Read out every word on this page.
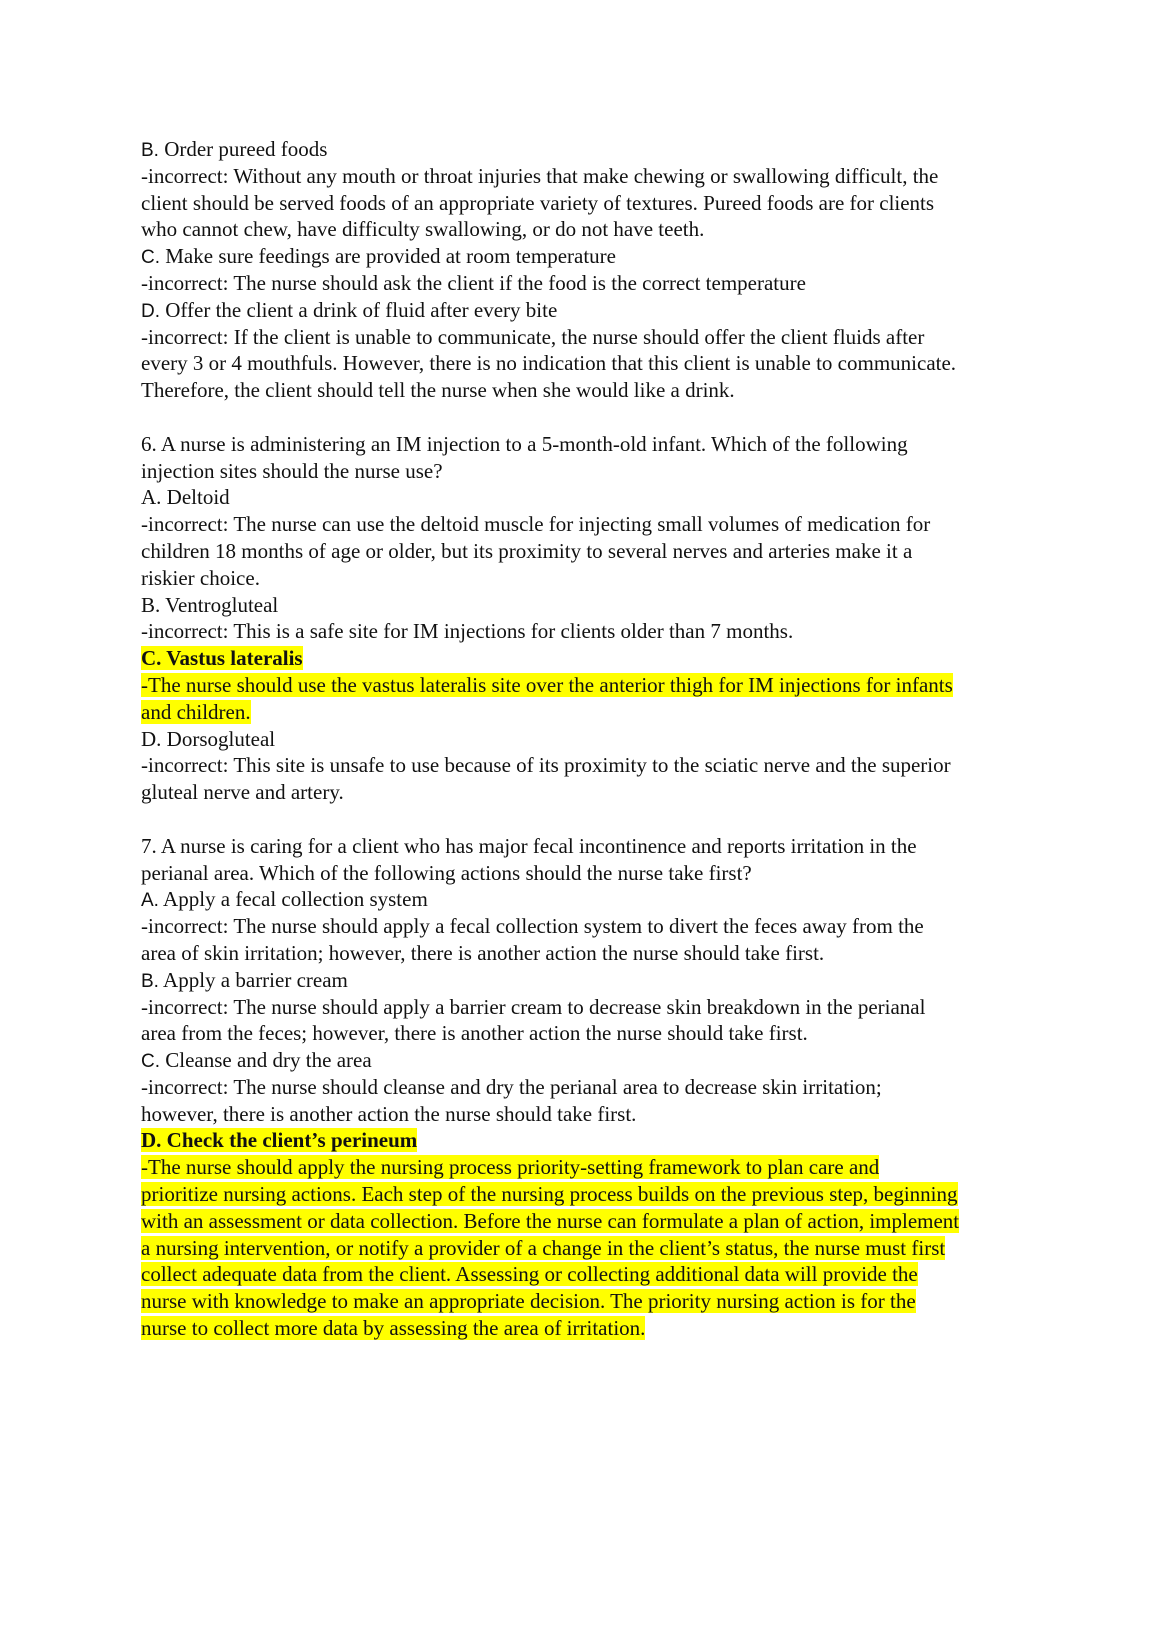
B. Order pureed foods
-incorrect: Without any mouth or throat injuries that make chewing or swallowing difficult, the
client should be served foods of an appropriate variety of textures. Pureed foods are for clients
who cannot chew, have difficulty swallowing, or do not have teeth.
C. Make sure feedings are provided at room temperature
-incorrect: The nurse should ask the client if the food is the correct temperature
D. Offer the client a drink of fluid after every bite
-incorrect: If the client is unable to communicate, the nurse should offer the client fluids after
every 3 or 4 mouthfuls. However, there is no indication that this client is unable to communicate.
Therefore, the client should tell the nurse when she would like a drink.
6. A nurse is administering an IM injection to a 5-month-old infant. Which of the following
injection sites should the nurse use?
A. Deltoid
-incorrect: The nurse can use the deltoid muscle for injecting small volumes of medication for
children 18 months of age or older, but its proximity to several nerves and arteries make it a
riskier choice.
B. Ventrogluteal
-incorrect: This is a safe site for IM injections for clients older than 7 months.
C. Vastus lateralis
-The nurse should use the vastus lateralis site over the anterior thigh for IM injections for infants
and children.
D. Dorsogluteal
-incorrect: This site is unsafe to use because of its proximity to the sciatic nerve and the superior
gluteal nerve and artery.
7. A nurse is caring for a client who has major fecal incontinence and reports irritation in the
perianal area. Which of the following actions should the nurse take first?
A. Apply a fecal collection system
-incorrect: The nurse should apply a fecal collection system to divert the feces away from the
area of skin irritation; however, there is another action the nurse should take first.
B. Apply a barrier cream
-incorrect: The nurse should apply a barrier cream to decrease skin breakdown in the perianal
area from the feces; however, there is another action the nurse should take first.
C. Cleanse and dry the area
-incorrect: The nurse should cleanse and dry the perianal area to decrease skin irritation;
however, there is another action the nurse should take first.
D. Check the client’s perineum
-The nurse should apply the nursing process priority-setting framework to plan care and
prioritize nursing actions. Each step of the nursing process builds on the previous step, beginning
with an assessment or data collection. Before the nurse can formulate a plan of action, implement
a nursing intervention, or notify a provider of a change in the client’s status, the nurse must first
collect adequate data from the client. Assessing or collecting additional data will provide the
nurse with knowledge to make an appropriate decision. The priority nursing action is for the
nurse to collect more data by assessing the area of irritation.
